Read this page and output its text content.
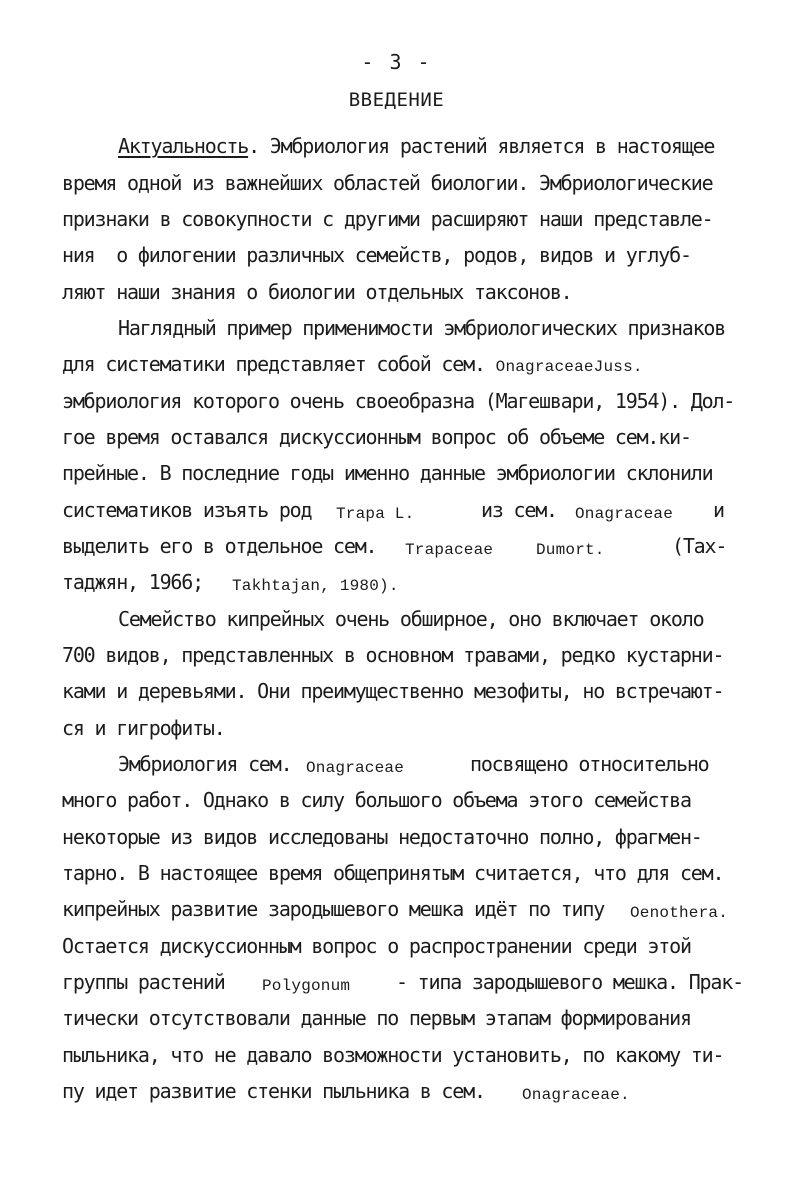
- 3 -
ВВЕДЕНИЕ
Актуальность. Эмбриология растений является в настоящее
время одной из важнейших областей биологии. Эмбриологические
признаки в совокупности с другими расширяют наши представле-
ния  о филогении различных семейств, родов, видов и углуб-
ляют наши знания о биологии отдельных таксонов.
Наглядный пример применимости эмбриологических признаков
для систематики представляет собой сем. OnagraceaeJuss.
эмбриология которого очень своеобразна (Магешвари, 1954). Дол-
гое время оставался дискуссионным вопрос об объеме сем.ки-
прейные. В последние годы именно данные эмбриологии склонили
систематиков изъять род Trapa L.	из сем. Onagraceae и
выделить его в отдельное сем. Trapaceae	Dumort.	(Тах-
таджян, 1966; Takhtajan, 1980).
Семейство кипрейных очень обширное, оно включает около
700 видов, представленных в основном травами, редко кустарни-
ками и деревьями. Они преимущественно мезофиты, но встречают-
ся и гигрофиты.
Эмбриология сем. Onagraceae	посвящено относительно
много работ. Однако в силу большого объема этого семейства
некоторые из видов исследованы недостаточно полно, фрагмен-
тарно. В настоящее время общепринятым считается, что для сем.
кипрейных развитие зародышевого мешка идёт по типу Oenothera.
Остается дискуссионным вопрос о распространении среди этой
группы растений Polygonum - типа зародышевого мешка. Прак-
тически отсутствовали данные по первым этапам формирования
пыльника, что не давало возможности установить, по какому ти-
пу идет развитие стенки пыльника в сем. Onagraceae.
